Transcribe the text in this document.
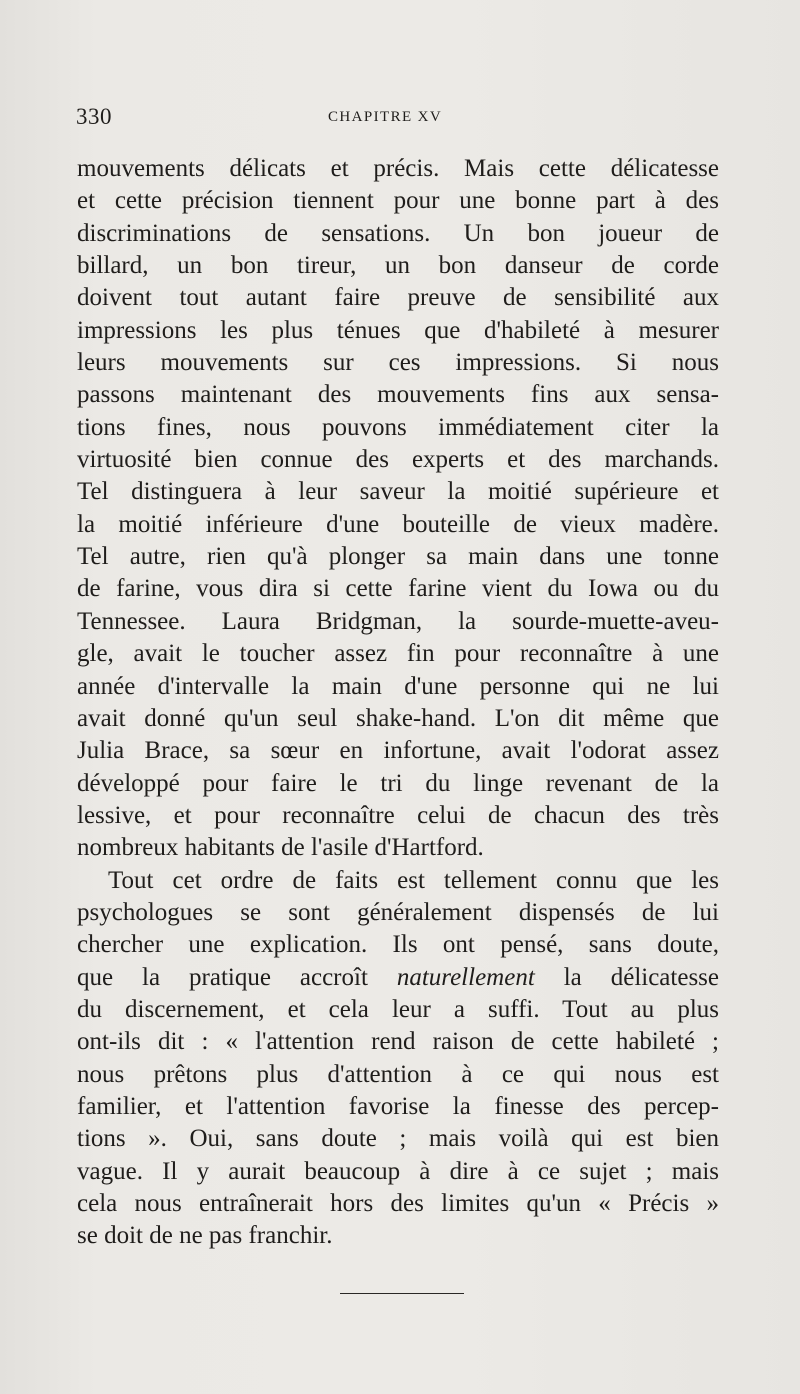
330	CHAPITRE XV
mouvements délicats et précis. Mais cette délicatesse
et cette précision tiennent pour une bonne part à des
discriminations de sensations. Un bon joueur de
billard, un bon tireur, un bon danseur de corde
doivent tout autant faire preuve de sensibilité aux
impressions les plus ténues que d'habileté à mesurer
leurs mouvements sur ces impressions. Si nous
passons maintenant des mouvements fins aux sensa-
tions fines, nous pouvons immédiatement citer la
virtuosité bien connue des experts et des marchands.
Tel distinguera à leur saveur la moitié supérieure et
la moitié inférieure d'une bouteille de vieux madère.
Tel autre, rien qu'à plonger sa main dans une tonne
de farine, vous dira si cette farine vient du Iowa ou du
Tennessee. Laura Bridgman, la sourde-muette-aveu-
gle, avait le toucher assez fin pour reconnaître à une
année d'intervalle la main d'une personne qui ne lui
avait donné qu'un seul shake-hand. L'on dit même que
Julia Brace, sa sœur en infortune, avait l'odorat assez
développé pour faire le tri du linge revenant de la
lessive, et pour reconnaître celui de chacun des très
nombreux habitants de l'asile d'Hartford.
Tout cet ordre de faits est tellement connu que les
psychologues se sont généralement dispensés de lui
chercher une explication. Ils ont pensé, sans doute,
que la pratique accroît naturellement la délicatesse
du discernement, et cela leur a suffi. Tout au plus
ont-ils dit : « l'attention rend raison de cette habileté ;
nous prêtons plus d'attention à ce qui nous est
familier, et l'attention favorise la finesse des percep-
tions ». Oui, sans doute ; mais voilà qui est bien
vague. Il y aurait beaucoup à dire à ce sujet ; mais
cela nous entraînerait hors des limites qu'un « Précis »
se doit de ne pas franchir.
